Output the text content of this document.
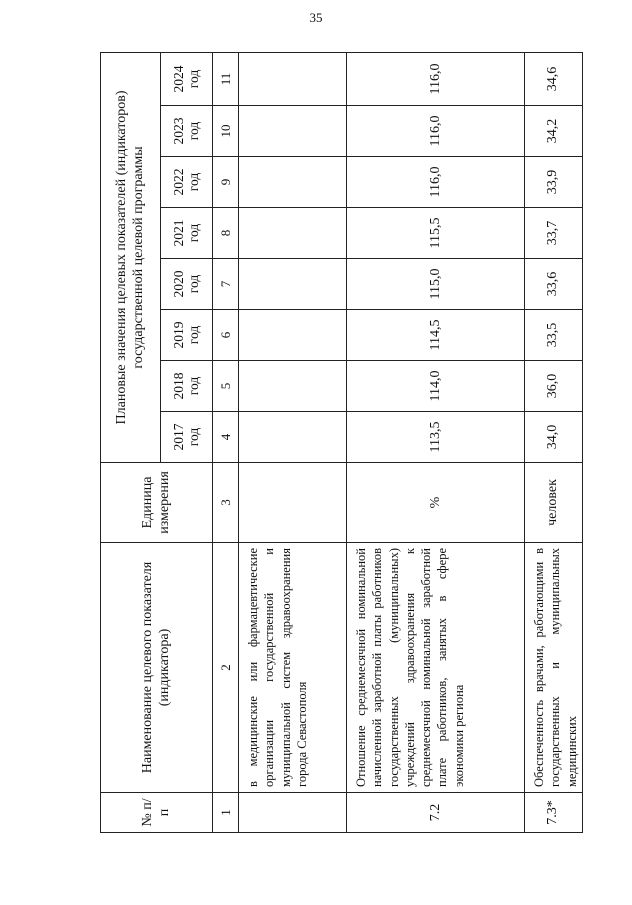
35
№ п/п	Наименование целевого показателя (индикатора)	Единица измерения	Плановые значения целевых показателей (индикаторов) государственной целевой программы							
			2017 год	2018 год	2019 год	2020 год	2021 год	2022 год	2023 год	2024 год
1	2	3	4	5	6	7	8	9	10	11
	в медицинские или фармацевтические организации государственной и муниципальной систем здравоохранения города Севастополя									
7.2	Отношение среднемесячной номинальной начисленной заработной платы работников государственных (муниципальных) учреждений здравоохранения к среднемесячной номинальной заработной плате работников, занятых в сфере экономики региона	%	113,5	114,0	114,5	115,0	115,5	116,0	116,0	116,0
7.3*	Обеспеченность врачами, работающими в государственных и муниципальных медицинских	человек	34,0	36,0	33,5	33,6	33,7	33,9	34,2	34,6
